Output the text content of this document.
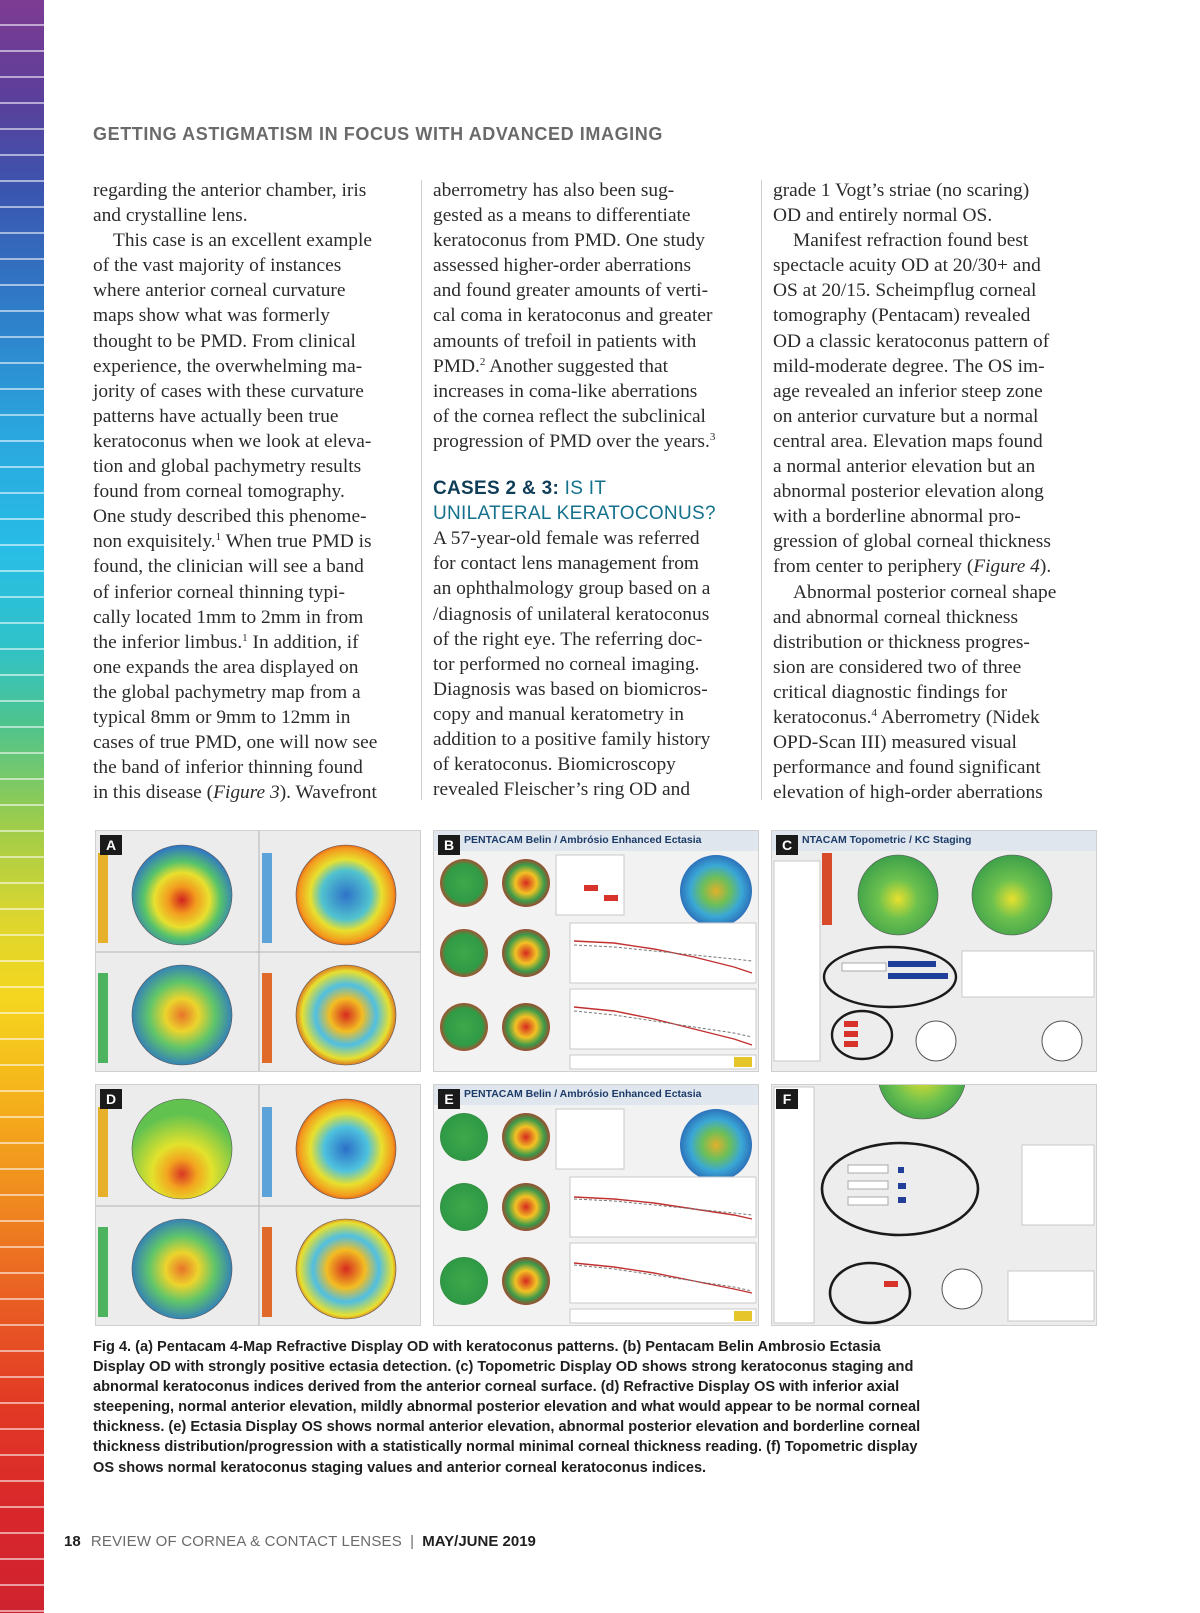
GETTING ASTIGMATISM IN FOCUS WITH ADVANCED IMAGING
regarding the anterior chamber, iris
and crystalline lens.
This case is an excellent example
of the vast majority of instances
where anterior corneal curvature
maps show what was formerly
thought to be PMD. From clinical
experience, the overwhelming ma-
jority of cases with these curvature
patterns have actually been true
keratoconus when we look at eleva-
tion and global pachymetry results
found from corneal tomography.
One study described this phenome-
non exquisitely.$^1$ When true PMD is
found, the clinician will see a band
of inferior corneal thinning typi-
cally located 1mm to 2mm in from
the inferior limbus.$^1$ In addition, if
one expands the area displayed on
the global pachymetry map from a
typical 8mm or 9mm to 12mm in
cases of true PMD, one will now see
the band of inferior thinning found
in this disease (Figure 3). Wavefront
aberrometry has also been sug-
gested as a means to differentiate
keratoconus from PMD. One study
assessed higher-order aberrations
and found greater amounts of verti-
cal coma in keratoconus and greater
amounts of trefoil in patients with
PMD.$^2$ Another suggested that
increases in coma-like aberrations
of the cornea reflect the subclinical
progression of PMD over the years.$^3$
CASES 2 & 3: IS IT
UNILATERAL KERATOCONUS?
A 57-year-old female was referred
for contact lens management from
an ophthalmology group based on a
/diagnosis of unilateral keratoconus
of the right eye. The referring doc-
tor performed no corneal imaging.
Diagnosis was based on biomicros-
copy and manual keratometry in
addition to a positive family history
of keratoconus. Biomicroscopy
revealed Fleischer’s ring OD and
grade 1 Vogt’s striae (no scaring)
OD and entirely normal OS.
Manifest refraction found best
spectacle acuity OD at 20/30+ and
OS at 20/15. Scheimpflug corneal
tomography (Pentacam) revealed
OD a classic keratoconus pattern of
mild-moderate degree. The OS im-
age revealed an inferior steep zone
on anterior curvature but a normal
central area. Elevation maps found
a normal anterior elevation but an
abnormal posterior elevation along
with a borderline abnormal pro-
gression of global corneal thickness
from center to periphery (Figure 4).
Abnormal posterior corneal shape
and abnormal corneal thickness
distribution or thickness progres-
sion are considered two of three
critical diagnostic findings for
keratoconus.$^4$ Aberrometry (Nidek
OPD-Scan III) measured visual
performance and found significant
elevation of high-order aberrations
A	B PENTACAM Belin / Ambrósio Enhanced Ectasia	C NTACAM Topometric / KC Staging
D	E PENTACAM Belin / Ambrósio Enhanced Ectasia	F
Fig 4. (a) Pentacam 4-Map Refractive Display OD with keratoconus patterns. (b) Pentacam Belin Ambrosio Ectasia
Display OD with strongly positive ectasia detection. (c) Topometric Display OD shows strong keratoconus staging and
abnormal keratoconus indices derived from the anterior corneal surface. (d) Refractive Display OS with inferior axial
steepening, normal anterior elevation, mildly abnormal posterior elevation and what would appear to be normal corneal
thickness. (e) Ectasia Display OS shows normal anterior elevation, abnormal posterior elevation and borderline corneal
thickness distribution/progression with a statistically normal minimal corneal thickness reading. (f) Topometric display
OS shows normal keratoconus staging values and anterior corneal keratoconus indices.
18 REVIEW OF CORNEA & CONTACT LENSES | MAY/JUNE 2019
